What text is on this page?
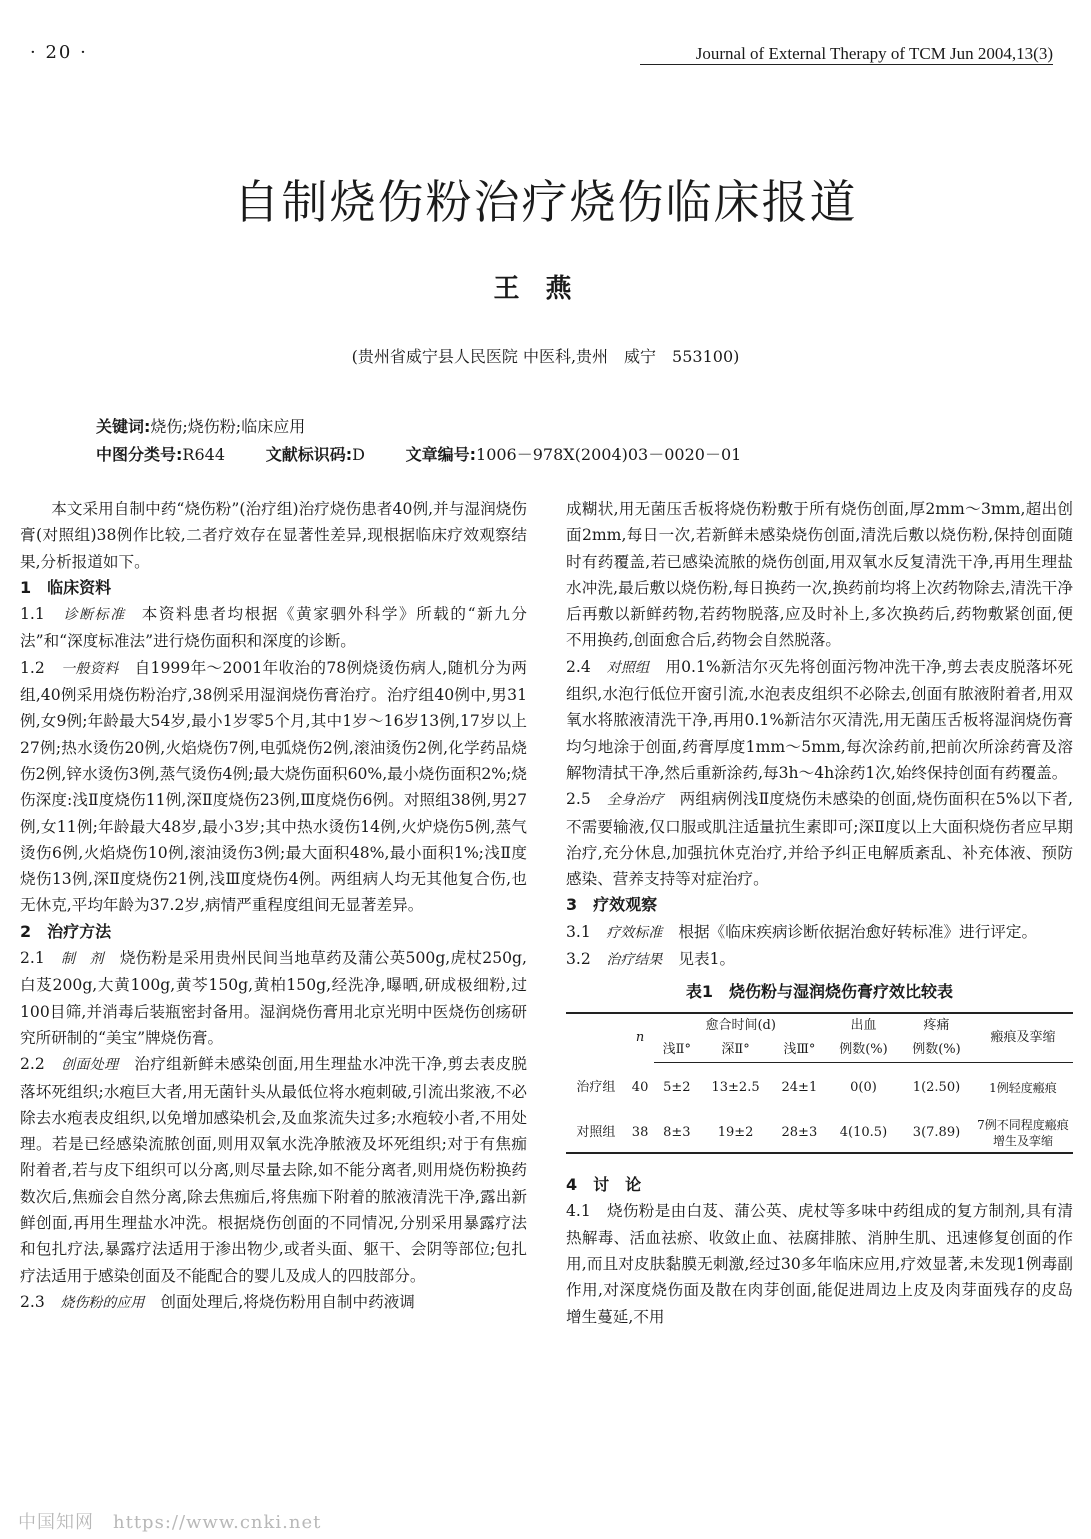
· 20 ·	Journal of External Therapy of TCM Jun 2004,13(3)
自制烧伤粉治疗烧伤临床报道
王燕
(贵州省威宁县人民医院 中医科,贵州　威宁　553100)
关键词:烧伤;烧伤粉;临床应用
中图分类号:R644	文献标识码:D	文章编号:1006－978X(2004)03－0020－01

本文采用自制中药“烧伤粉”(治疗组)治疗烧伤患者40例,并与湿润烧伤膏(对照组)38例作比较,二者疗效存在显著性差异,现根据临床疗效观察结果,分析报道如下。

1　临床资料

1.1　 诊断标准 本资料患者均根据《黄家驷外科学》所载的“新九分法”和“深度标准法”进行烧伤面积和深度的诊断。

1.2　 一般资料 自1999年～2001年收治的78例烧烫伤病人,随机分为两组,40例采用烧伤粉治疗,38例采用湿润烧伤膏治疗。治疗组40例中,男31例,女9例;年龄最大54岁,最小1岁零5个月,其中1岁～16岁13例,17岁以上27例;热水烫伤20例,火焰烧伤7例,电弧烧伤2例,滚油烫伤2例,化学药品烧伤2例,锌水烫伤3例,蒸气烫伤4例;最大烧伤面积60%,最小烧伤面积2%;烧伤深度:浅Ⅱ度烧伤11例,深Ⅱ度烧伤23例,Ⅲ度烧伤6例。对照组38例,男27例,女11例;年龄最大48岁,最小3岁;其中热水烫伤14例,火炉烧伤5例,蒸气烫伤6例,火焰烧伤10例,滚油烫伤3例;最大面积48%,最小面积1%;浅Ⅱ度烧伤13例,深Ⅱ度烧伤21例,浅Ⅲ度烧伤4例。两组病人均无其他复合伤,也无休克,平均年龄为37.2岁,病情严重程度组间无显著差异。

2　治疗方法

2.1　 制　剂 烧伤粉是采用贵州民间当地草药及蒲公英500g,虎杖250g,白芨200g,大黄100g,黄芩150g,黄柏150g,经洗净,曝晒,研成极细粉,过100目筛,并消毒后装瓶密封备用。湿润烧伤膏用北京光明中医烧伤创疡研究所研制的“美宝”牌烧伤膏。

2.2　 创面处理 治疗组新鲜未感染创面,用生理盐水冲洗干净,剪去表皮脱落坏死组织;水疱巨大者,用无菌针头从最低位将水疱刺破,引流出浆液,不必除去水疱表皮组织,以免增加感染机会,及血浆流失过多;水疱较小者,不用处理。若是已经感染流脓创面,则用双氧水洗净脓液及坏死组织;对于有焦痂附着者,若与皮下组织可以分离,则尽量去除,如不能分离者,则用烧伤粉换药数次后,焦痂会自然分离,除去焦痂后,将焦痂下附着的脓液清洗干净,露出新鲜创面,再用生理盐水冲洗。根据烧伤创面的不同情况,分别采用暴露疗法和包扎疗法,暴露疗法适用于渗出物少,或者头面、躯干、会阴等部位;包扎疗法适用于感染创面及不能配合的婴儿及成人的四肢部分。

2.3　 烧伤粉的应用 创面处理后,将烧伤粉用自制中药液调

成糊状,用无菌压舌板将烧伤粉敷于所有烧伤创面,厚2mm～3mm,超出创面2mm,每日一次,若新鲜未感染烧伤创面,清洗后敷以烧伤粉,保持创面随时有药覆盖,若已感染流脓的烧伤创面,用双氧水反复清洗干净,再用生理盐水冲洗,最后敷以烧伤粉,每日换药一次,换药前均将上次药物除去,清洗干净后再敷以新鲜药物,若药物脱落,应及时补上,多次换药后,药物敷紧创面,便不用换药,创面愈合后,药物会自然脱落。

2.4　 对照组 用0.1%新洁尔灭先将创面污物冲洗干净,剪去表皮脱落坏死组织,水泡行低位开窗引流,水泡表皮组织不必除去,创面有脓液附着者,用双氧水将脓液清洗干净,再用0.1%新洁尔灭清洗,用无菌压舌板将湿润烧伤膏均匀地涂于创面,药膏厚度1mm～5mm,每次涂药前,把前次所涂药膏及溶解物清拭干净,然后重新涂药,每3h～4h涂药1次,始终保持创面有药覆盖。

2.5　 全身治疗 两组病例浅Ⅱ度烧伤未感染的创面,烧伤面积在5%以下者,不需要输液,仅口服或肌注适量抗生素即可;深Ⅱ度以上大面积烧伤者应早期治疗,充分休息,加强抗休克治疗,并给予纠正电解质紊乱、补充体液、预防感染、营养支持等对症治疗。

3　疗效观察

3.1　 疗效标准 根据《临床疾病诊断依据治愈好转标准》进行评定。

3.2　 治疗结果 见表1。

表1　烧伤粉与湿润烧伤膏疗效比较表
	n	愈合时间(d)			出血	疼痛	瘢痕及挛缩
		浅Ⅱ°	深Ⅱ°	浅Ⅲ°	例数(%)	例数(%)	
治疗组	40	5±2	13±2.5	24±1	0(0)	1(2.50)	1例轻度瘢痕
对照组	38	8±3	19±2	28±3	4(10.5)	3(7.89)	7例不同程度瘢痕增生及挛缩

4　讨　论

4.1　 烧伤粉是由白芨、蒲公英、虎杖等多味中药组成的复方制剂,具有清热解毒、活血祛瘀、收敛止血、祛腐排脓、消肿生肌、迅速修复创面的作用,而且对皮肤黏膜无刺激,经过30多年临床应用,疗效显著,未发现1例毒副作用,对深度烧伤面及散在肉芽创面,能促进周边上皮及肉芽面残存的皮岛增生蔓延,不用

中国知网　https://www.cnki.net
